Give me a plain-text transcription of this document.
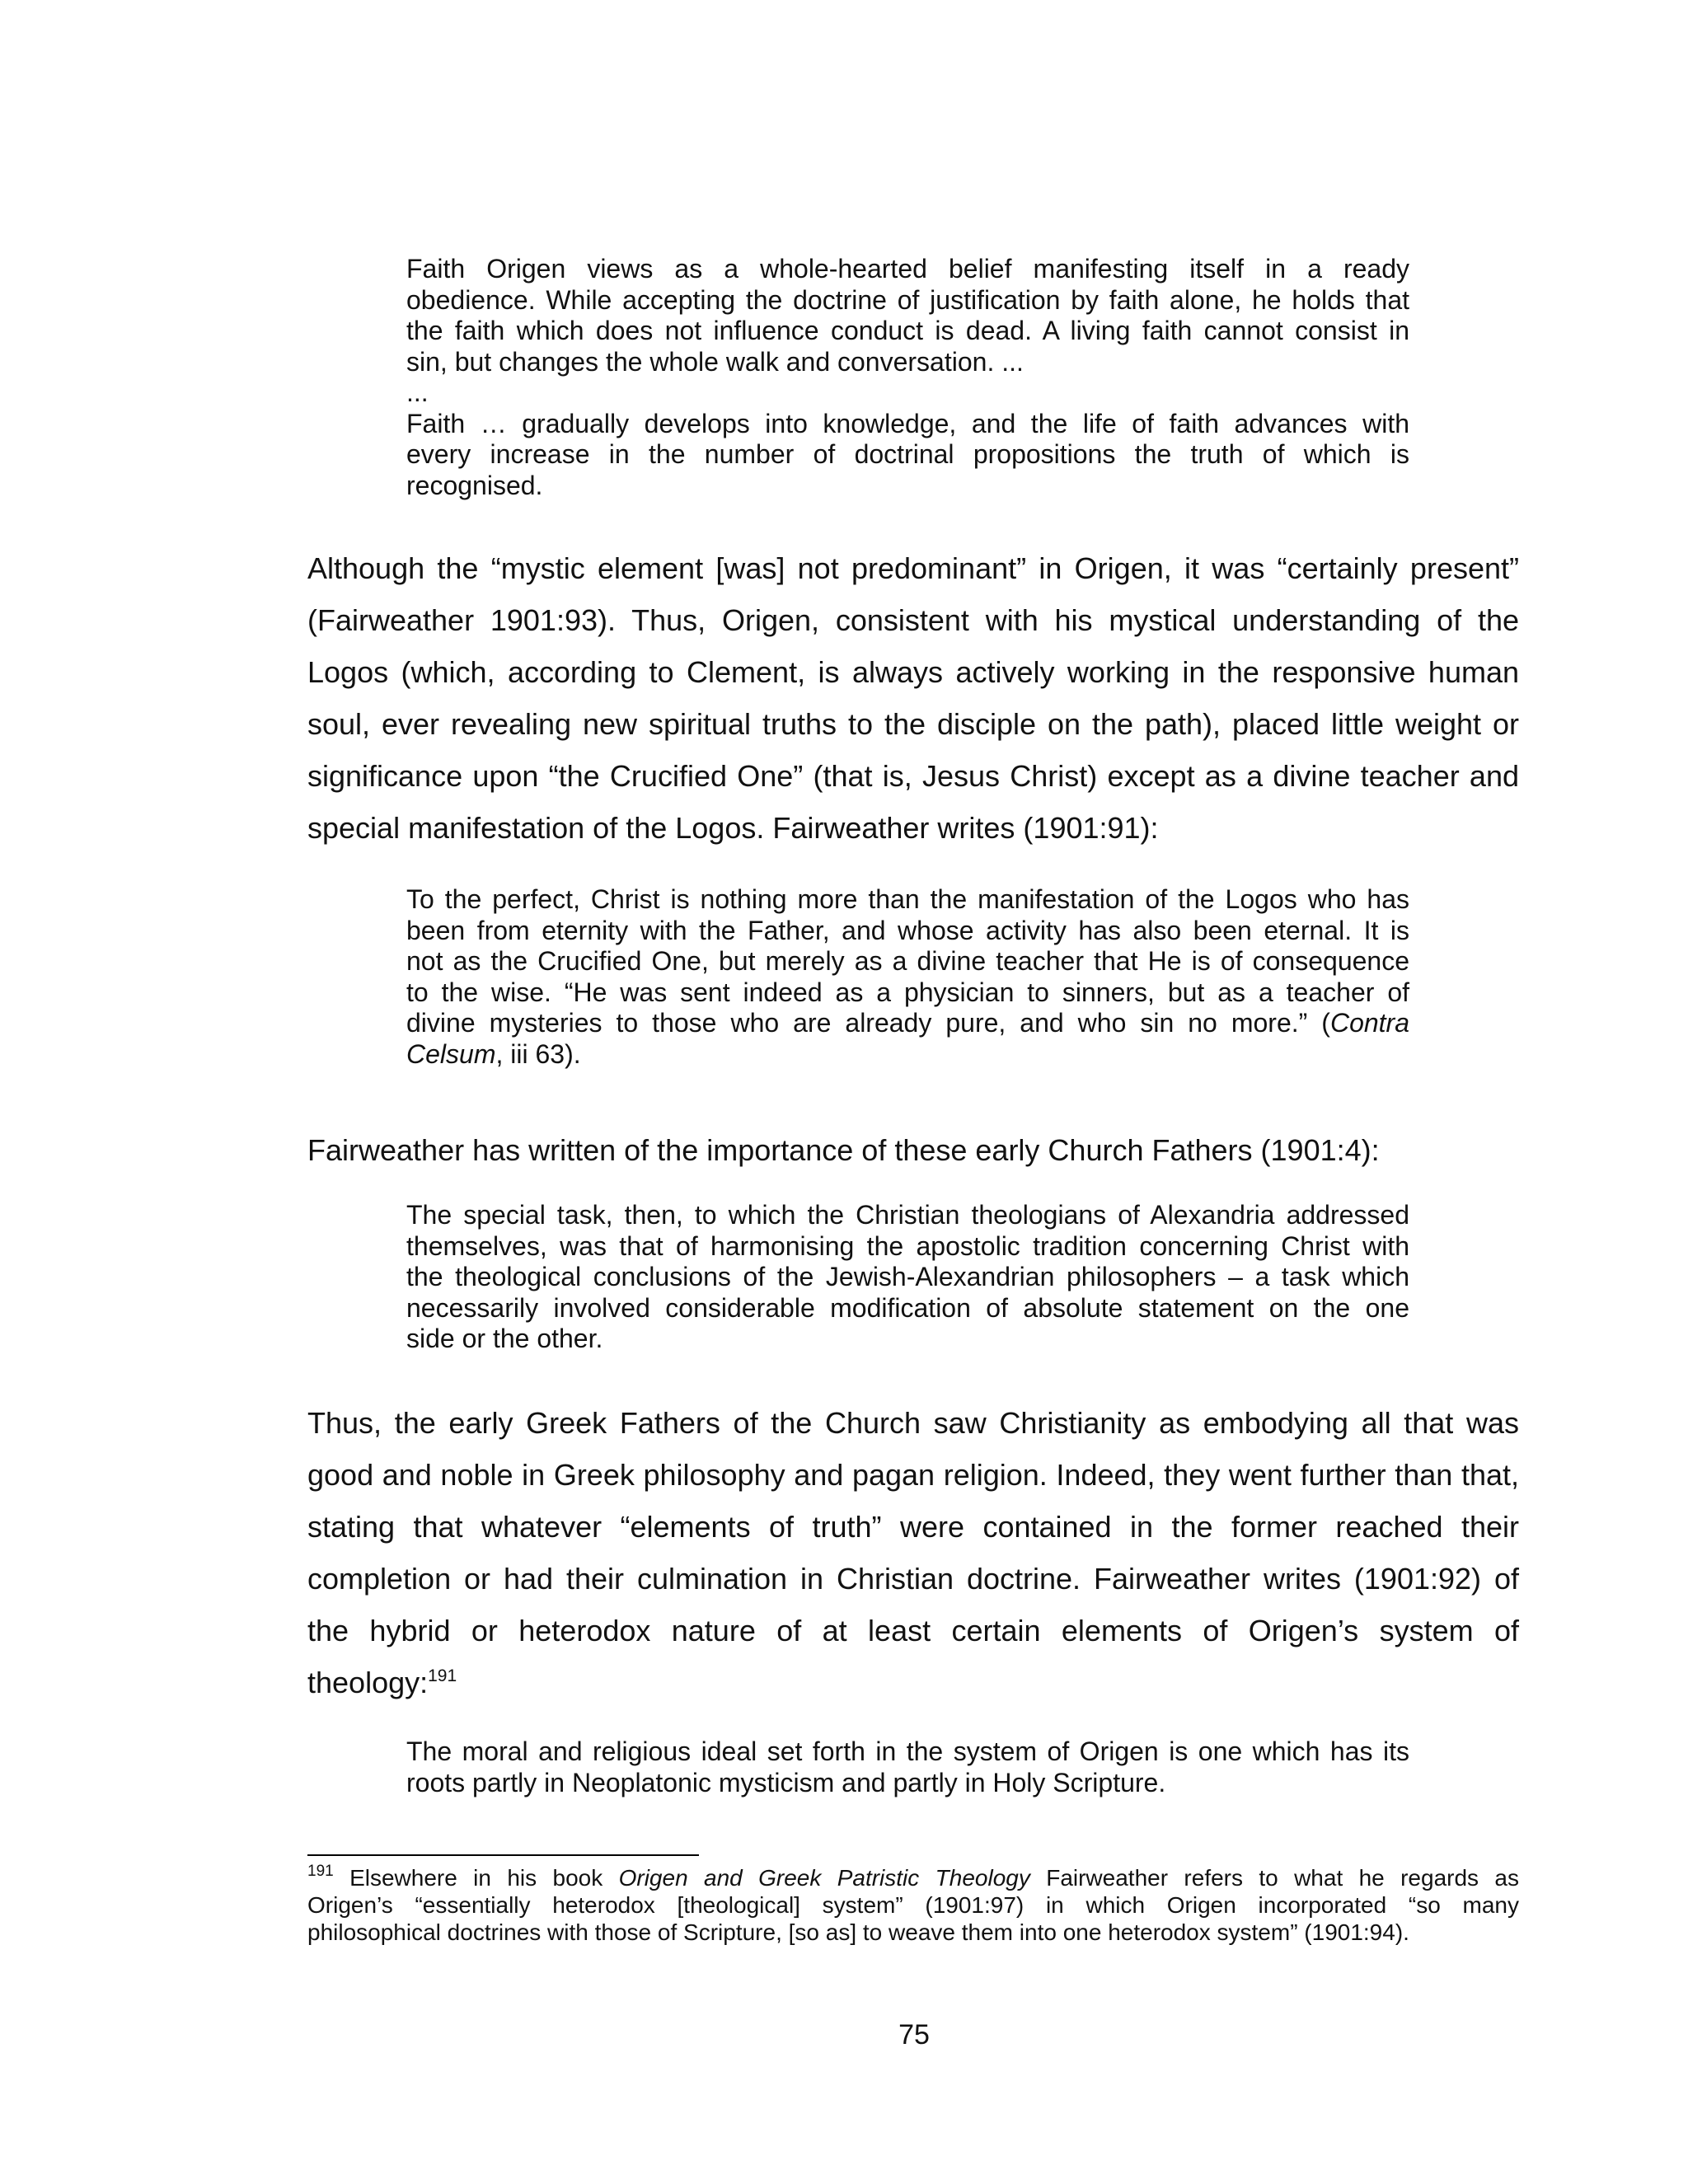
Faith Origen views as a whole-hearted belief manifesting itself in a ready
obedience. While accepting the doctrine of justification by faith alone, he holds that
the faith which does not influence conduct is dead. A living faith cannot consist in
sin, but changes the whole walk and conversation. ...
...
Faith … gradually develops into knowledge, and the life of faith advances with
every increase in the number of doctrinal propositions the truth of which is
recognised.
Although the “mystic element [was] not predominant” in Origen, it was “certainly present”
(Fairweather 1901:93). Thus, Origen, consistent with his mystical understanding of the
Logos (which, according to Clement, is always actively working in the responsive human
soul, ever revealing new spiritual truths to the disciple on the path), placed little weight or
significance upon “the Crucified One” (that is, Jesus Christ) except as a divine teacher and
special manifestation of the Logos. Fairweather writes (1901:91):
To the perfect, Christ is nothing more than the manifestation of the Logos who has
been from eternity with the Father, and whose activity has also been eternal. It is
not as the Crucified One, but merely as a divine teacher that He is of consequence
to the wise. “He was sent indeed as a physician to sinners, but as a teacher of
divine mysteries to those who are already pure, and who sin no more.” (Contra
Celsum, iii 63).
Fairweather has written of the importance of these early Church Fathers (1901:4):
The special task, then, to which the Christian theologians of Alexandria addressed
themselves, was that of harmonising the apostolic tradition concerning Christ with
the theological conclusions of the Jewish-Alexandrian philosophers – a task which
necessarily involved considerable modification of absolute statement on the one
side or the other.
Thus, the early Greek Fathers of the Church saw Christianity as embodying all that was
good and noble in Greek philosophy and pagan religion. Indeed, they went further than that,
stating that whatever “elements of truth” were contained in the former reached their
completion or had their culmination in Christian doctrine. Fairweather writes (1901:92) of
the hybrid or heterodox nature of at least certain elements of Origen’s system of
theology:$^{191}$
The moral and religious ideal set forth in the system of Origen is one which has its
roots partly in Neoplatonic mysticism and partly in Holy Scripture.
$^{191}$ Elsewhere in his book Origen and Greek Patristic Theology Fairweather refers to what he regards as
Origen’s “essentially heterodox [theological] system” (1901:97) in which Origen incorporated “so many
philosophical doctrines with those of Scripture, [so as] to weave them into one heterodox system” (1901:94).
75
